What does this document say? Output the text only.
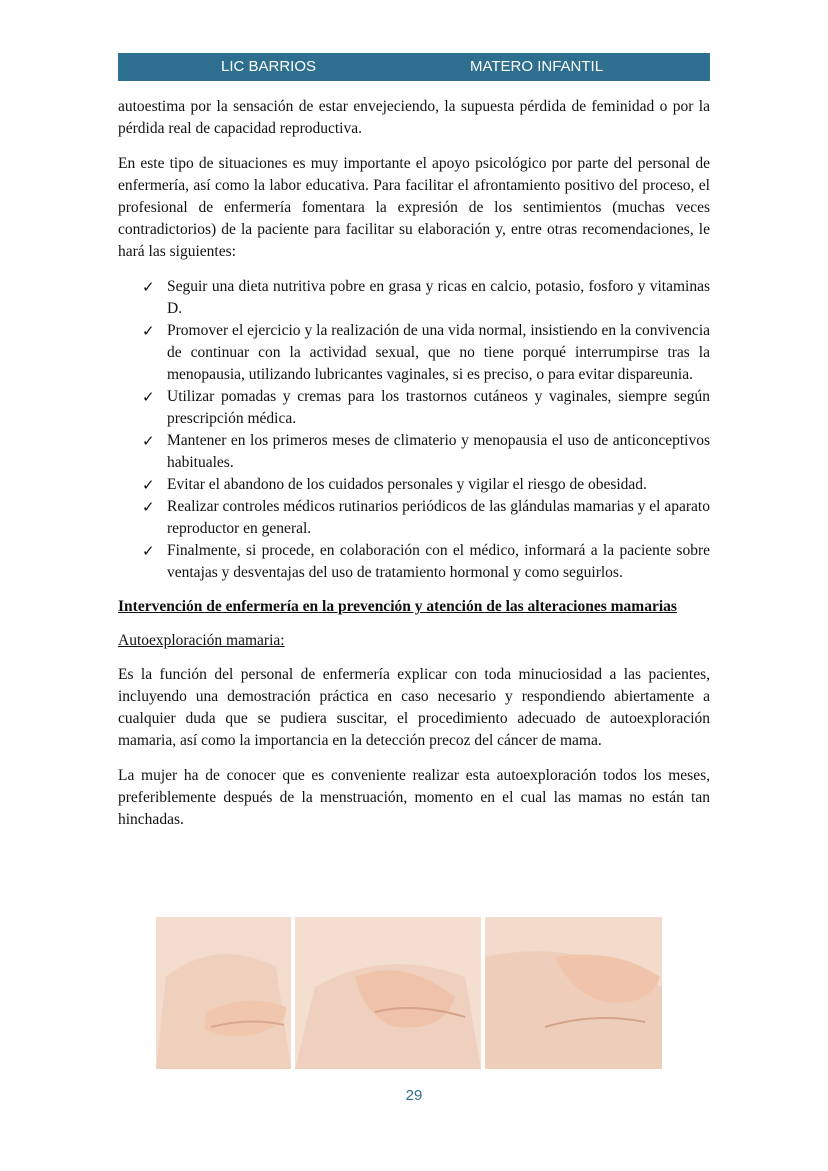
LIC BARRIOS	MATERO INFANTIL

autoestima por la sensación de estar envejeciendo, la supuesta pérdida de feminidad o por la pérdida real de capacidad reproductiva.

En este tipo de situaciones es muy importante el apoyo psicológico por parte del personal de enfermería, así como la labor educativa. Para facilitar el afrontamiento positivo del proceso, el profesional de enfermería fomentara la expresión de los sentimientos (muchas veces contradictorios) de la paciente para facilitar su elaboración y, entre otras recomendaciones, le hará las siguientes:

✓ Seguir una dieta nutritiva pobre en grasa y ricas en calcio, potasio, fosforo y vitaminas D.
✓ Promover el ejercicio y la realización de una vida normal, insistiendo en la convivencia de continuar con la actividad sexual, que no tiene porqué interrumpirse tras la menopausia, utilizando lubricantes vaginales, si es preciso, o para evitar dispareunia.
✓ Utilizar pomadas y cremas para los trastornos cutáneos y vaginales, siempre según prescripción médica.
✓ Mantener en los primeros meses de climaterio y menopausia el uso de anticonceptivos habituales.
✓ Evitar el abandono de los cuidados personales y vigilar el riesgo de obesidad.
✓ Realizar controles médicos rutinarios periódicos de las glándulas mamarias y el aparato reproductor en general.
✓ Finalmente, si procede, en colaboración con el médico, informará a la paciente sobre ventajas y desventajas del uso de tratamiento hormonal y como seguirlos.
Intervención de enfermería en la prevención y atención de las alteraciones mamarias
Autoexploración mamaria:

Es la función del personal de enfermería explicar con toda minuciosidad a las pacientes, incluyendo una demostración práctica en caso necesario y respondiendo abiertamente a cualquier duda que se pudiera suscitar, el procedimiento adecuado de autoexploración mamaria, así como la importancia en la detección precoz del cáncer de mama.

La mujer ha de conocer que es conveniente realizar esta autoexploración todos los meses, preferiblemente después de la menstruación, momento en el cual las mamas no están tan hinchadas.

29
